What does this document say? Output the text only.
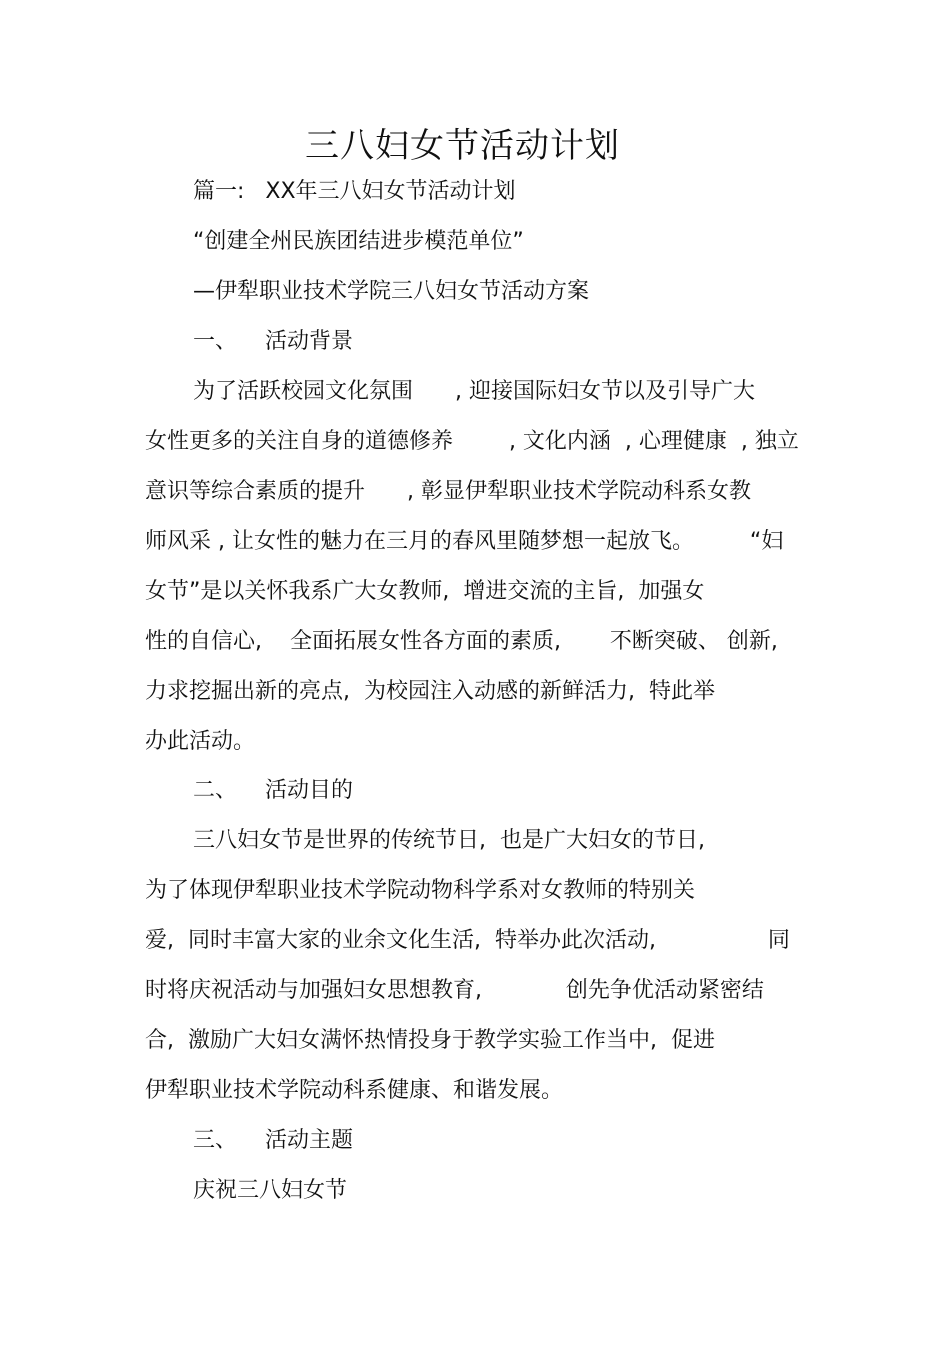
三八妇女节活动计划
篇一:   XX年三八妇女节活动计划
“创建全州民族团结进步模范单位”
—伊犁职业技术学院三八妇女节活动方案
一、    活动背景
为了活跃校园文化氛围      , 迎接国际妇女节以及引导广大
女性更多的关注自身的道德修养        , 文化内涵  , 心理健康  , 独立
意识等综合素质的提升      , 彰显伊犁职业技术学院动科系女教
师风采 , 让女性的魅力在三月的春风里随梦想一起放飞。        “妇
女节”是以关怀我系广大女教师,  增进交流的主旨,  加强女
性的自信心,    全面拓展女性各方面的素质,       不断突破、 创新,
力求挖掘出新的亮点,  为校园注入动感的新鲜活力,  特此举
办此活动。
二、    活动目的
三八妇女节是世界的传统节日,  也是广大妇女的节日,
为了体现伊犁职业技术学院动物科学系对女教师的特别关
爱,  同时丰富大家的业余文化生活,  特举办此次活动,                同
时将庆祝活动与加强妇女思想教育,            创先争优活动紧密结
合,  激励广大妇女满怀热情投身于教学实验工作当中,  促进
伊犁职业技术学院动科系健康、和谐发展。
三、    活动主题
庆祝三八妇女节
